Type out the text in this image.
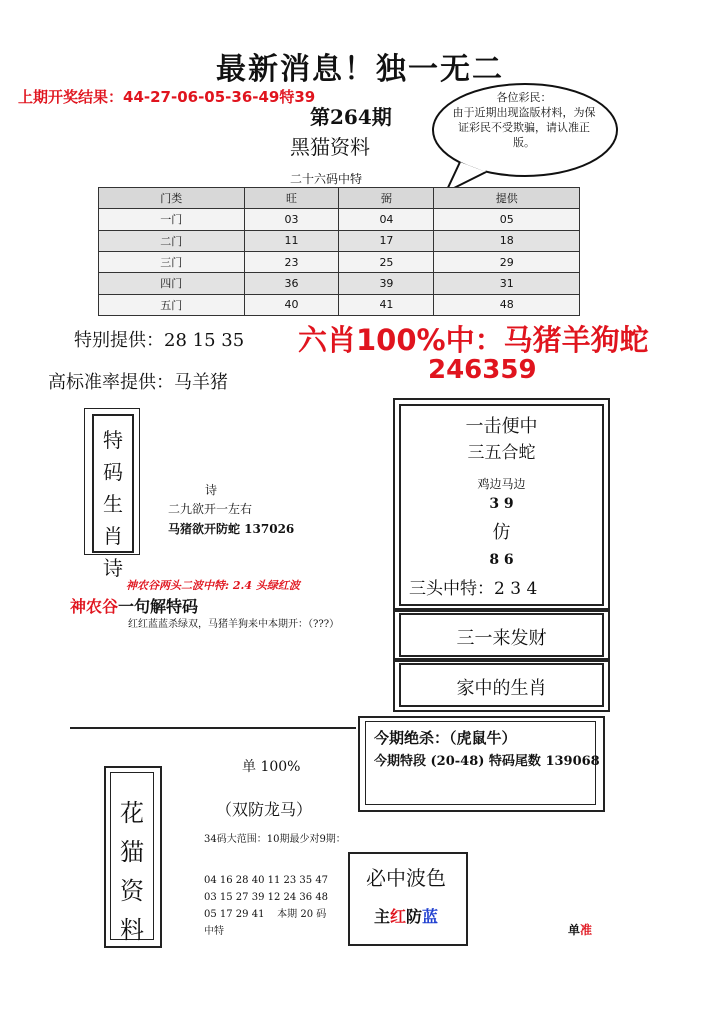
最新消息！独一无二
上期开奖结果：44-27-06-05-36-49特39
第264期
黑猫资料
二十六码中特
各位彩民：
由于近期出现盗版材料，为保证彩民不受欺骗，请认准正版。
门类	旺	弼	提供
一门	03	04	05
二门	11	17	18
三门	23	25	29
四门	36	39	31
五门	40	41	48
特别提供：28 15 35 六肖100%中：马猪羊狗蛇
246359
高标准率提供：马羊猪
特
码
生
肖
诗
诗
二九欲开一左右
马猪欲开防蛇 137026
一击便中
三五合蛇
鸡边马边
3 9
仿
8 6
三头中特：2 3 4
三一来发财
家中的生肖
神农谷两头二波中特: 2.4 头绿红波
神农谷一句解特码
红红蓝蓝杀绿双，马猪羊狗来中本期开：（???）
今期绝杀：（虎鼠牛）
今期特段 (20-48) 特码尾数 139068
单 100%
（双防龙马）
花
猫
资
料
34码大范围：10期最少对9期：
04 16 28 40 11 23 35 47
03 15 27 39 12 24 36 48
05 17 29 41    本期 20 码
中特
必中波色
主红防蓝
单准
